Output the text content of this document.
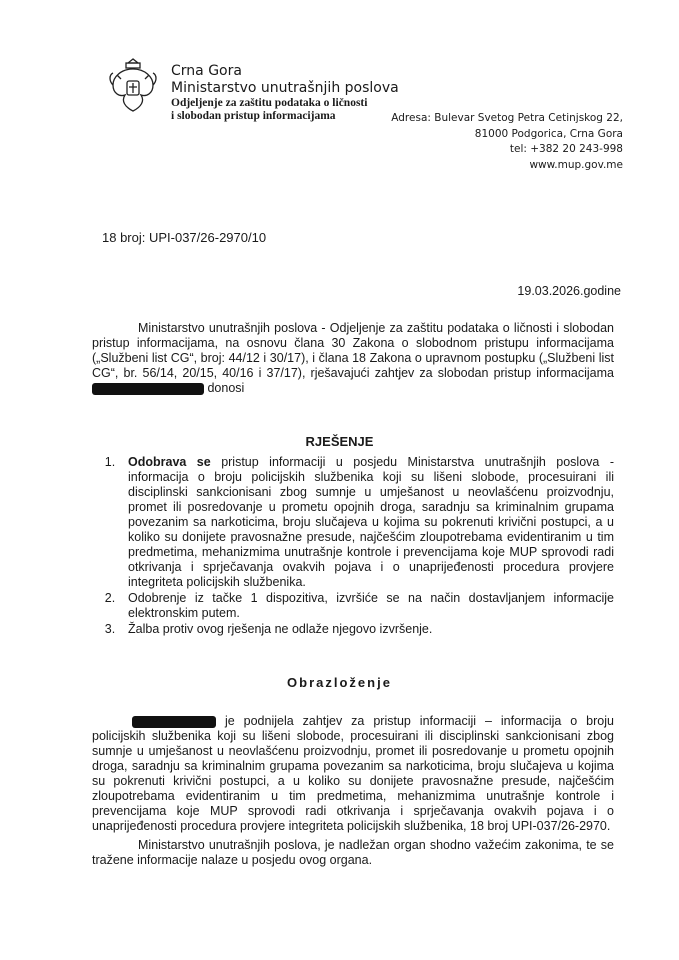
Crna Gora
Ministarstvo unutrašnjih poslova
Odjeljenje za zaštitu podataka o ličnosti
i slobodan pristup informacijama	Adresa: Bulevar Svetog Petra Cetinjskog 22,
81000 Podgorica, Crna Gora
tel: +382 20 243-998
www.mup.gov.me
18 broj: UPI-037/26-2970/10
19.03.2026.godine
Ministarstvo unutrašnjih poslova - Odjeljenje za zaštitu podataka o ličnosti i slobodan pristup informacijama, na osnovu člana 30 Zakona o slobodnom pristupu informacijama („Službeni list CG“, broj: 44/12 i 30/17), i člana 18 Zakona o upravnom postupku („Službeni list CG“, br. 56/14, 20/15, 40/16 i 37/17), rješavajući zahtjev za slobodan pristup informacijama  donosi
RJEŠENJE
1.	Odobrava se pristup informaciji u posjedu Ministarstva unutrašnjih poslova - informacija o broju policijskih službenika koji su lišeni slobode, procesuirani ili disciplinski sankcionisani zbog sumnje u umješanost u neovlašćenu proizvodnju, promet ili posredovanje u prometu opojnih droga, saradnju sa kriminalnim grupama povezanim sa narkoticima, broju slučajeva u kojima su pokrenuti krivični postupci, a u koliko su donijete pravosnažne presude, najčešćim zloupotrebama evidentiranim u tim predmetima, mehanizmima unutrašnje kontrole i prevencijama koje MUP sprovodi radi otkrivanja i sprječavanja ovakvih pojava i o unaprijeđenosti procedura provjere integriteta policijskih službenika.
2.	Odobrenje iz tačke 1 dispozitiva, izvršiće se na način dostavljanjem informacije elektronskim putem.
3.	Žalba protiv ovog rješenja ne odlaže njegovo izvršenje.
Obrazloženje
je podnijela zahtjev za pristup informaciji – informacija o broju policijskih službenika koji su lišeni slobode, procesuirani ili disciplinski sankcionisani zbog sumnje u umješanost u neovlašćenu proizvodnju, promet ili posredovanje u prometu opojnih droga, saradnju sa kriminalnim grupama povezanim sa narkoticima, broju slučajeva u kojima su pokrenuti krivični postupci, a u koliko su donijete pravosnažne presude, najčešćim zloupotrebama evidentiranim u tim predmetima, mehanizmima unutrašnje kontrole i prevencijama koje MUP sprovodi radi otkrivanja i sprječavanja ovakvih pojava i o unaprijeđenosti procedura provjere integriteta policijskih službenika, 18 broj UPI-037/26-2970.
Ministarstvo unutrašnjih poslova, je nadležan organ shodno važećim zakonima, te se tražene informacije nalaze u posjedu ovog organa.
